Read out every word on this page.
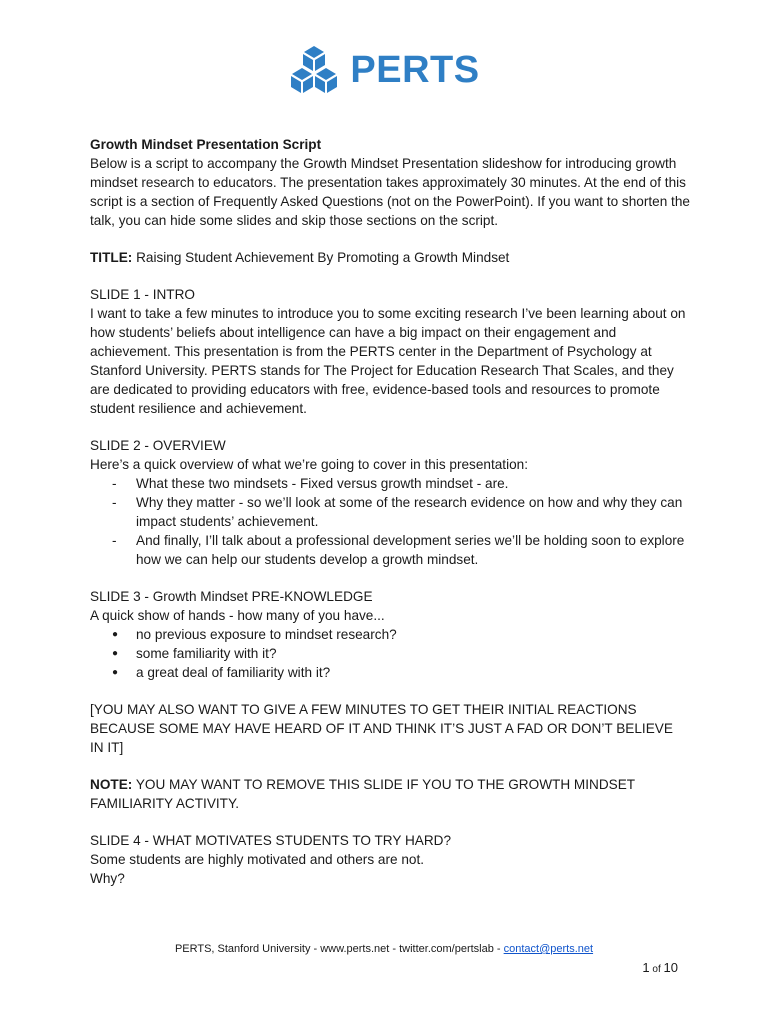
PERTS

Growth Mindset Presentation Script

Below is a script to accompany the Growth Mindset Presentation slideshow for introducing growth mindset research to educators. The presentation takes approximately 30 minutes. At the end of this script is a section of Frequently Asked Questions (not on the PowerPoint). If you want to shorten the talk, you can hide some slides and skip those sections on the script.

TITLE: Raising Student Achievement By Promoting a Growth Mindset

SLIDE 1 - INTRO

I want to take a few minutes to introduce you to some exciting research I’ve been learning about on how students’ beliefs about intelligence can have a big impact on their engagement and achievement. This presentation is from the PERTS center in the Department of Psychology at Stanford University. PERTS stands for The Project for Education Research That Scales, and they are dedicated to providing educators with free, evidence-based tools and resources to promote student resilience and achievement.

SLIDE 2 - OVERVIEW

Here’s a quick overview of what we’re going to cover in this presentation:

- What these two mindsets - Fixed versus growth mindset - are.
- Why they matter - so we’ll look at some of the research evidence on how and why they can impact students’ achievement.
- And finally, I’ll talk about a professional development series we’ll be holding soon to explore how we can help our students develop a growth mindset.

SLIDE 3 - Growth Mindset PRE-KNOWLEDGE

A quick show of hands - how many of you have...

● no previous exposure to mindset research?
● some familiarity with it?
● a great deal of familiarity with it?

[YOU MAY ALSO WANT TO GIVE A FEW MINUTES TO GET THEIR INITIAL REACTIONS BECAUSE SOME MAY HAVE HEARD OF IT AND THINK IT’S JUST A FAD OR DON’T BELIEVE IN IT]

NOTE: YOU MAY WANT TO REMOVE THIS SLIDE IF YOU TO THE GROWTH MINDSET FAMILIARITY ACTIVITY.

SLIDE 4 - WHAT MOTIVATES STUDENTS TO TRY HARD?

Some students are highly motivated and others are not.

Why?

PERTS, Stanford University - www.perts.net - twitter.com/pertslab - contact@perts.net
1 of 10
